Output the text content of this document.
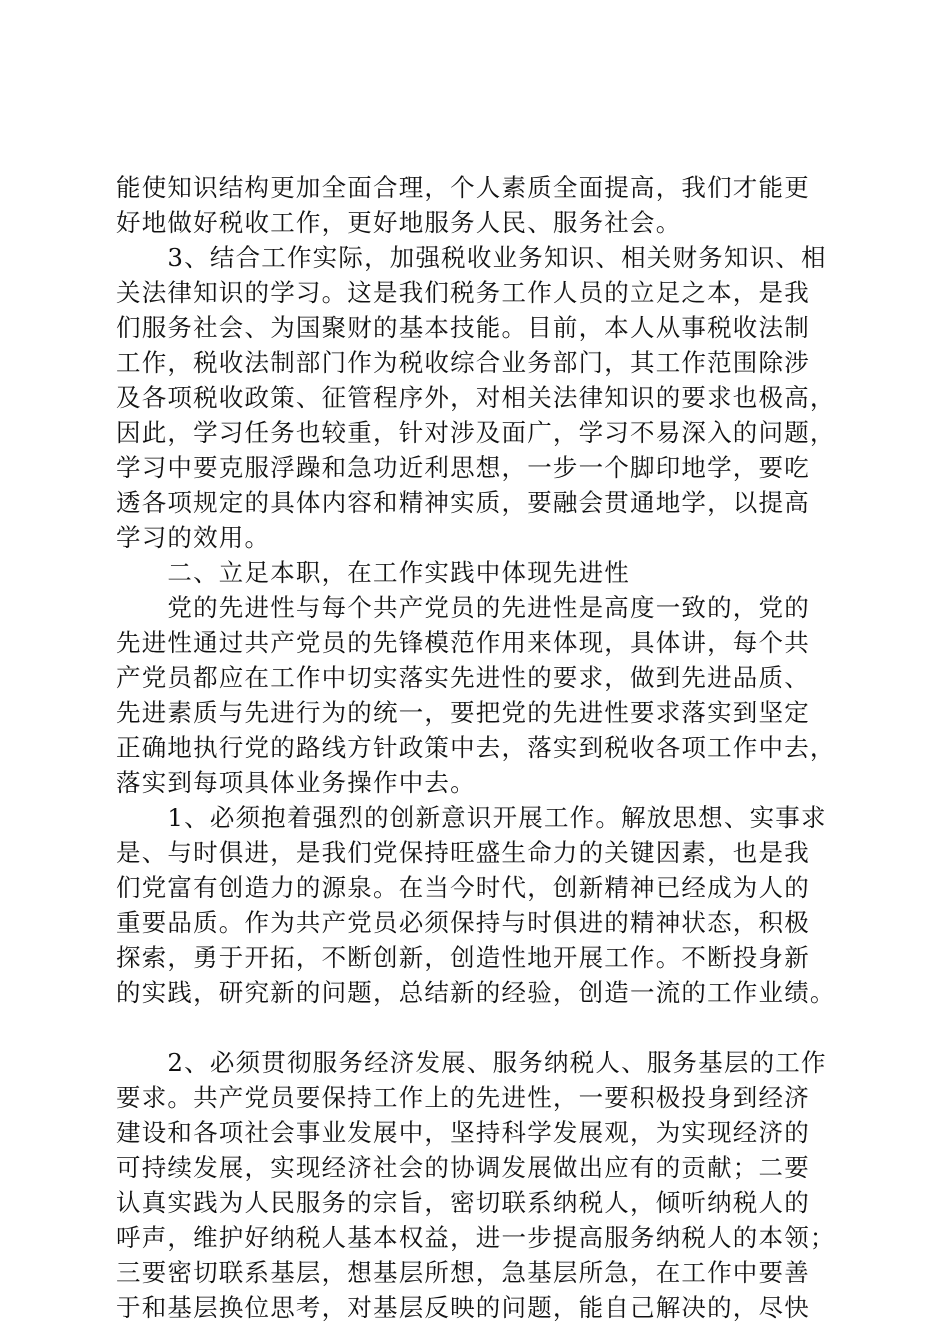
能使知识结构更加全面合理，个人素质全面提高，我们才能更
好地做好税收工作，更好地服务人民、服务社会。
　　3、结合工作实际，加强税收业务知识、相关财务知识、相
关法律知识的学习。这是我们税务工作人员的立足之本，是我
们服务社会、为国聚财的基本技能。目前，本人从事税收法制
工作，税收法制部门作为税收综合业务部门，其工作范围除涉
及各项税收政策、征管程序外，对相关法律知识的要求也极高，
因此，学习任务也较重，针对涉及面广，学习不易深入的问题，
学习中要克服浮躁和急功近利思想，一步一个脚印地学，要吃
透各项规定的具体内容和精神实质，要融会贯通地学，以提高
学习的效用。
　　二、立足本职，在工作实践中体现先进性
　　党的先进性与每个共产党员的先进性是高度一致的，党的
先进性通过共产党员的先锋模范作用来体现，具体讲，每个共
产党员都应在工作中切实落实先进性的要求，做到先进品质、
先进素质与先进行为的统一，要把党的先进性要求落实到坚定
正确地执行党的路线方针政策中去，落实到税收各项工作中去，
落实到每项具体业务操作中去。
　　1、必须抱着强烈的创新意识开展工作。解放思想、实事求
是、与时俱进，是我们党保持旺盛生命力的关键因素，也是我
们党富有创造力的源泉。在当今时代，创新精神已经成为人的
重要品质。作为共产党员必须保持与时俱进的精神状态，积极
探索，勇于开拓，不断创新，创造性地开展工作。不断投身新
的实践，研究新的问题，总结新的经验，创造一流的工作业绩。
　　2、必须贯彻服务经济发展、服务纳税人、服务基层的工作
要求。共产党员要保持工作上的先进性，一要积极投身到经济
建设和各项社会事业发展中，坚持科学发展观，为实现经济的
可持续发展，实现经济社会的协调发展做出应有的贡献；二要
认真实践为人民服务的宗旨，密切联系纳税人，倾听纳税人的
呼声，维护好纳税人基本权益，进一步提高服务纳税人的本领；
三要密切联系基层，想基层所想，急基层所急，在工作中要善
于和基层换位思考，对基层反映的问题，能自己解决的，尽快
